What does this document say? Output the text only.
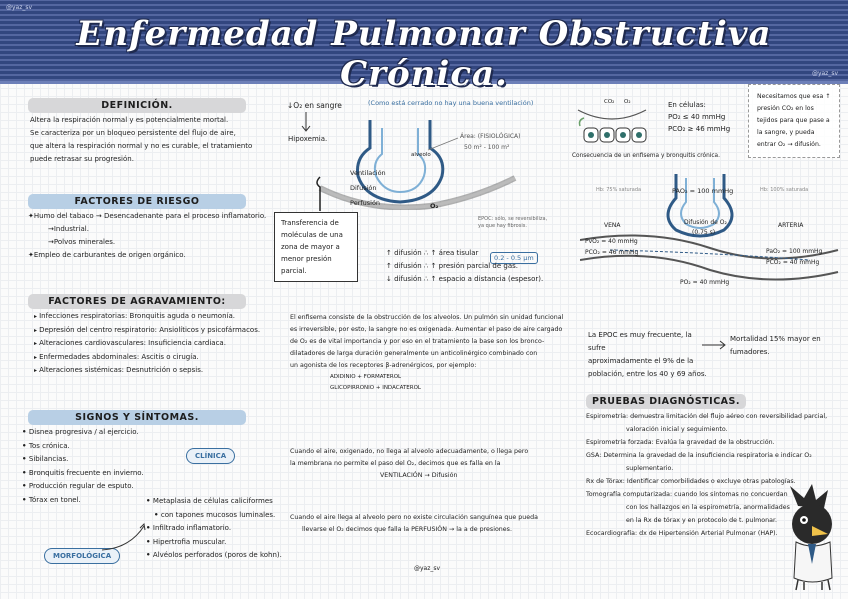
@yaz_sv
@yaz_sv
Enfermedad Pulmonar Obstructiva Crónica.
DEFINICIÓN.
Altera la respiración normal y es potencialmente mortal.
Se caracteriza por un bloqueo persistente del flujo de aire,
que altera la respiración normal y no es curable, el tratamiento
puede retrasar su progresión.
FACTORES DE RIESGO
✦Humo del tabaco → Desencadenante para el proceso inflamatorio.
→Industrial.
→Polvos minerales.
✦Empleo de carburantes de origen orgánico.
FACTORES DE AGRAVAMIENTO:
▸ Infecciones respiratorias: Bronquitis aguda o neumonía.
▸ Depresión del centro respiratorio: Ansiolíticos y psicofármacos.
▸ Alteraciones cardiovasculares: Insuficiencia cardiaca.
▸ Enfermedades abdominales: Ascitis o cirugía.
▸ Alteraciones sistémicas: Desnutrición o sepsis.
SIGNOS Y SÍNTOMAS.
• Disnea progresiva / al ejercicio.
• Tos crónica.
• Sibilancias.
• Bronquitis frecuente en invierno.
• Producción regular de esputo.
• Tórax en tonel.
CLÍNICA
MORFOLÓGICA
• Metaplasia de células caliciformes
• con tapones mucosos luminales.
• Infiltrado inflamatorio.
• Hipertrofia muscular.
• Alvéolos perforados (poros de kohn).
↓O₂ en sangre
Hipoxemia.
(Como está cerrado no hay una buena ventilación)
alveolo
Área: (FISIOLÓGICA)
50 m² - 100 m²
Ventilación
Difusión
Perfusión	O₂
Transferencia de moléculas de una zona de mayor a menor presión parcial.
EPOC: sólo, se reversibiliza, ya que hay fibrosis.
0.2 - 0.5 μm
↑ difusión ∴ ↑ área tisular
↑ difusión ∴ ↑ presión parcial de gas.
↓ difusión ∴ ↑ espacio a distancia (espesor).
El enfisema consiste de la obstrucción de los alveolos. Un pulmón sin unidad funcional
es irreversible, por esto, la sangre no es oxigenada. Aumentar el paso de aire cargado
de O₂ es de vital importancia y por eso en el tratamiento la base son los bronco-
dilatadores de larga duración generalmente un anticolinérgico combinado con
un agonista de los receptores β-adrenérgicos, por ejemplo:
ADIDINIO + FORMATEROL
GLICOPIRRONIO + INDACATEROL
Cuando el aire, oxigenado, no llega al alveolo adecuadamente, o llega pero
la membrana no permite el paso del O₂, decimos que es falla en la
VENTILACIÓN → Difusión
Cuando el aire llega al alveolo pero no existe circulación sanguínea que pueda
llevarse el O₂ decimos que falla la PERFUSIÓN → la a de presiones.
@yaz_sv
CO₂ O₂	En células:
PO₂ ≤ 40 mmHg
PCO₂ ≥ 46 mmHg
Consecuencia de un enfisema y bronquitis crónica.
Necesitamos que esa ↑ presión CO₂ en los tejidos para que pase a la sangre, y pueda entrar O₂ → difusión.
PAO₂ = 100 mmHg
Hb: 75% saturada	Hb: 100% saturada
VENA	ARTERIA
Difusión de O₂
(0.75 s)
PvO₂ = 40 mmHg
PCO₂ = 46 mmHg	PaO₂ = 100 mmHg
PCO₂ = 40 mmHg
PO₂ = 40 mmHg
La EPOC es muy frecuente, la sufre
aproximadamente el 9% de la
población, entre los 40 y 69 años.
Mortalidad 15% mayor en fumadores.
PRUEBAS DIAGNÓSTICAS.
Espirometría: demuestra limitación del flujo aéreo con reversibilidad parcial,
valoración inicial y seguimiento.
Espirometría forzada: Evalúa la gravedad de la obstrucción.
GSA: Determina la gravedad de la insuficiencia respiratoria e indicar O₂
suplementario.
Rx de Tórax: Identificar comorbilidades o excluye otras patologías.
Tomografía computarizada: cuando los síntomas no concuerdan
con los hallazgos en la espirometría, anormalidades
en la Rx de tórax y en protocolo de t. pulmonar.
Ecocardiografía: dx de Hipertensión Arterial Pulmonar (HAP).
